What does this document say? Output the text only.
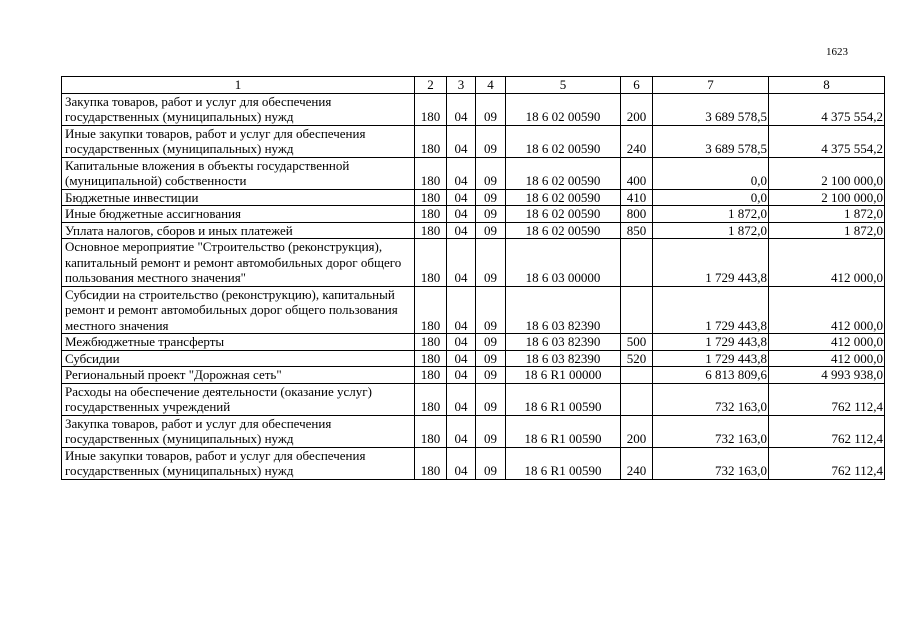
1623
1	2	3	4	5	6	7	8
Закупка товаров, работ и услуг для обеспечения государственных (муниципальных) нужд	180	04	09	18 6 02 00590	200	3 689 578,5	4 375 554,2
Иные закупки товаров, работ и услуг для обеспечения государственных (муниципальных) нужд	180	04	09	18 6 02 00590	240	3 689 578,5	4 375 554,2
Капитальные вложения в объекты государственной (муниципальной) собственности	180	04	09	18 6 02 00590	400	0,0	2 100 000,0
Бюджетные инвестиции	180	04	09	18 6 02 00590	410	0,0	2 100 000,0
Иные бюджетные ассигнования	180	04	09	18 6 02 00590	800	1 872,0	1 872,0
Уплата налогов, сборов и иных платежей	180	04	09	18 6 02 00590	850	1 872,0	1 872,0
Основное мероприятие "Строительство (реконструкция), капитальный ремонт и ремонт автомобильных дорог общего пользования местного значения"	180	04	09	18 6 03 00000		1 729 443,8	412 000,0
Субсидии на строительство (реконструкцию), капитальный ремонт и ремонт автомобильных дорог общего пользования местного значения	180	04	09	18 6 03 82390		1 729 443,8	412 000,0
Межбюджетные трансферты	180	04	09	18 6 03 82390	500	1 729 443,8	412 000,0
Субсидии	180	04	09	18 6 03 82390	520	1 729 443,8	412 000,0
Региональный проект "Дорожная сеть"	180	04	09	18 6 R1 00000		6 813 809,6	4 993 938,0
Расходы на обеспечение деятельности (оказание услуг) государственных учреждений	180	04	09	18 6 R1 00590		732 163,0	762 112,4
Закупка товаров, работ и услуг для обеспечения государственных (муниципальных) нужд	180	04	09	18 6 R1 00590	200	732 163,0	762 112,4
Иные закупки товаров, работ и услуг для обеспечения государственных (муниципальных) нужд	180	04	09	18 6 R1 00590	240	732 163,0	762 112,4
